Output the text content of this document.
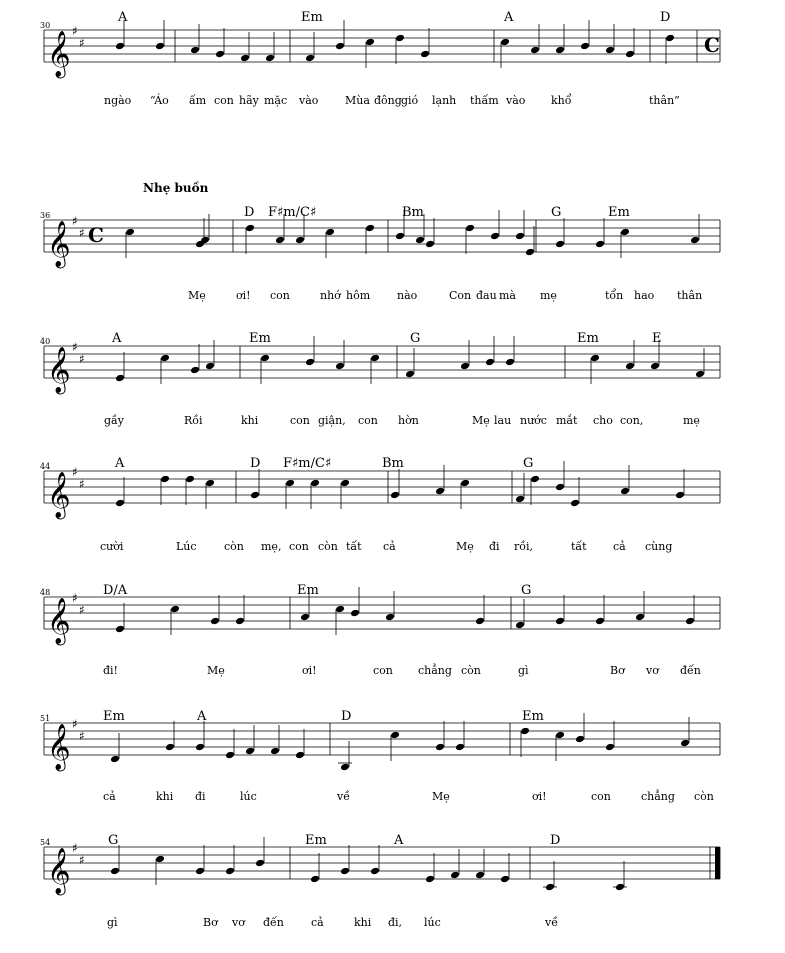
Nhẹ buồn
30
C
𝄞 ♯
♯
A	Em	A	D
ngào “Áo ấm con hãy mặc vào Mùa đông gió lạnh thấm vào khổ	thân”
36
𝄞 ♯
♯ C
D F♯m/C♯	Bm	G	Em
Mẹ	ơi! con	nhớ hôm nào	Con đau mà mẹ	tổn hao thân
40
𝄞 ♯
♯
A	Em	G	Em	E
gầy	Rồi	khi	con giận, con hờn	Mẹ lau nước mắt cho con,	mẹ
44
𝄞 ♯
♯
A	D F♯m/C♯	Bm	G
cười	Lúc còn mẹ, con còn tất cả	Mẹ đi rồi,	tất cả cùng
48
𝄞 ♯
♯
D/A	Em	G
đi!	Mẹ	ơi!	con chẳng còn	gì	Bơ vơ đến
51
𝄞 ♯
♯
Em	A	D	Em
cả	khi đi	lúc	về	Mẹ	ơi!	con	chẳng còn
54
𝄞 ♯
♯
G	Em	A	D
gì	Bơ vơ đến cả	khi đi, lúc	về
